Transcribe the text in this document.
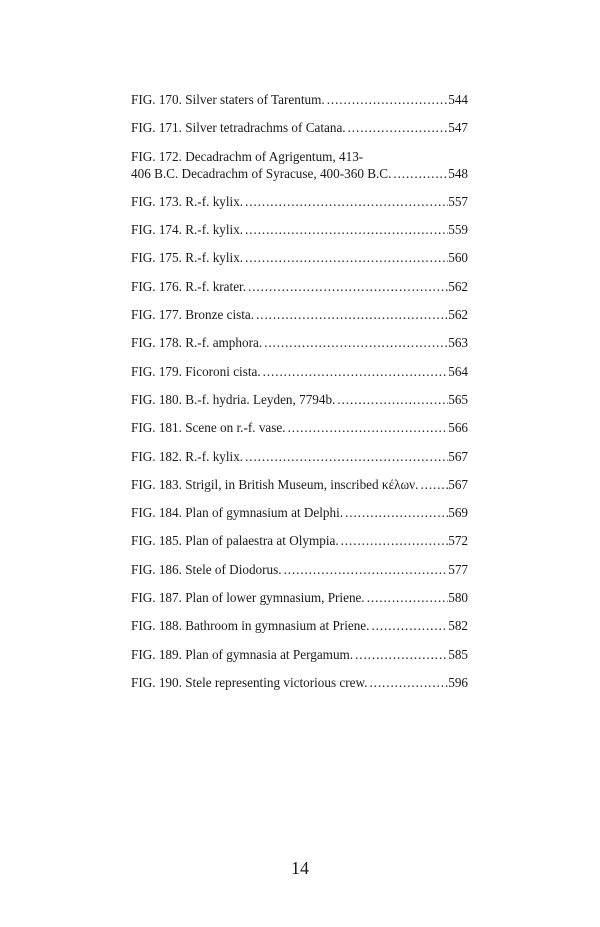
FIG. 170. Silver staters of Tarentum. . . .	544
FIG. 171. Silver tetradrachms of Catana. . . .	547
FIG. 172. Decadrachm of Agrigentum, 413-
406 B.C. Decadrachm of Syracuse, 400-360 B.C. . . .	548
FIG. 173. R.-f. kylix. . . .	557
FIG. 174. R.-f. kylix. . . .	559
FIG. 175. R.-f. kylix. . . .	560
FIG. 176. R.-f. krater. . . .	562
FIG. 177. Bronze cista. . . .	562
FIG. 178. R.-f. amphora. . . .	563
FIG. 179. Ficoroni cista. . . .	564
FIG. 180. B.-f. hydria. Leyden, 7794b. . . .	565
FIG. 181. Scene on r.-f. vase. . . .	566
FIG. 182. R.-f. kylix. . . .	567
FIG. 183. Strigil, in British Museum, inscribed κέλων. . . . 567
FIG. 184. Plan of gymnasium at Delphi. . . .	569
FIG. 185. Plan of palaestra at Olympia. . . .	572
FIG. 186. Stele of Diodorus. . . .	577
FIG. 187. Plan of lower gymnasium, Priene. . . .	580
FIG. 188. Bathroom in gymnasium at Priene. . . .	582
FIG. 189. Plan of gymnasia at Pergamum. . . .	585
FIG. 190. Stele representing victorious crew. . . .	596
14
